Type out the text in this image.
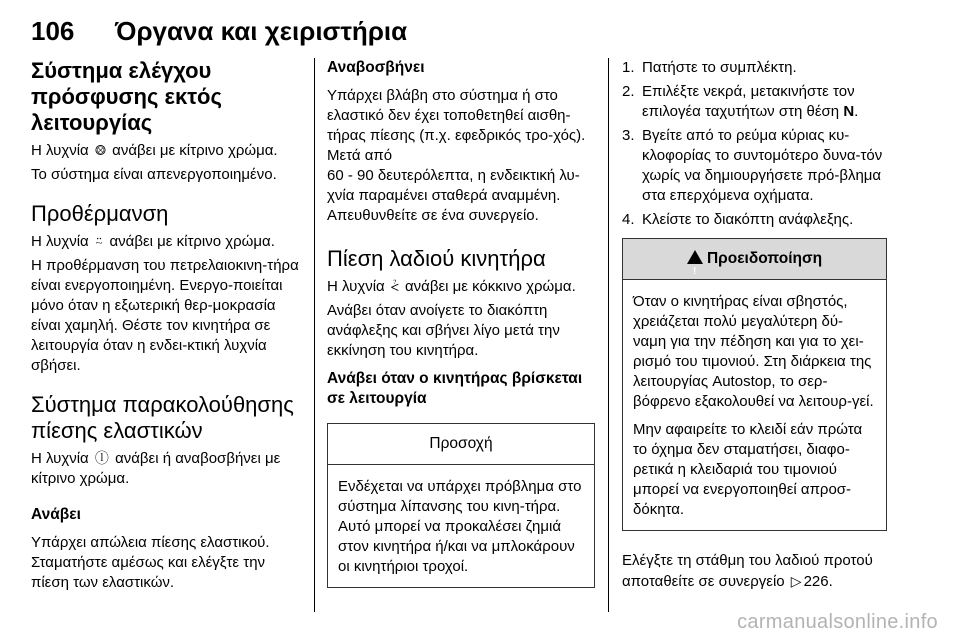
106 Όργανα και χειριστήρια
Σύστημα ελέγχου
πρόσφυσης εκτός
λειτουργίας

Η λυχνία ⨷ ανάβει με κίτρινο χρώμα.

Το σύστημα είναι απενεργοποιημένο.

Προθέρμανση

Η λυχνία ⍨ ανάβει με κίτρινο χρώμα.

Η προθέρμανση του πετρελαιοκινη-τήρα είναι ενεργοποιημένη. Ενεργο-ποιείται μόνο όταν η εξωτερική θερ-μοκρασία είναι χαμηλή. Θέστε τον κινητήρα σε λειτουργία όταν η ενδει-κτική λυχνία σβήσει.

Σύστημα παρακολούθησης
πίεσης ελαστικών

Η λυχνία ⓛ ανάβει ή αναβοσβήνει με κίτρινο χρώμα.

Ανάβει

Υπάρχει απώλεια πίεσης ελαστικού. Σταματήστε αμέσως και ελέγξτε την πίεση των ελαστικών.

Αναβοσβήνει

Υπάρχει βλάβη στο σύστημα ή στο ελαστικό δεν έχει τοποθετηθεί αισθη-τήρας πίεσης (π.χ. εφεδρικός τρο-χός). Μετά από

60 - 90 δευτερόλεπτα, η ενδεικτική λυ-χνία παραμένει σταθερά αναμμένη. Απευθυνθείτε σε ένα συνεργείο.

Πίεση λαδιού κινητήρα

Η λυχνία ⩻ ανάβει με κόκκινο χρώμα.

Ανάβει όταν ανοίγετε το διακόπτη ανάφλεξης και σβήνει λίγο μετά την εκκίνηση του κινητήρα.

Ανάβει όταν ο κινητήρας βρίσκεται σε λειτουργία
Προσοχή

Ενδέχεται να υπάρχει πρόβλημα στο σύστημα λίπανσης του κινη-τήρα. Αυτό μπορεί να προκαλέσει ζημιά στον κινητήρα ή/και να μπλοκάρουν οι κινητήριοι τροχοί.

1. Πατήστε το συμπλέκτη.
2. Επιλέξτε νεκρά, μετακινήστε τον επιλογέα ταχυτήτων στη θέση N.
3. Βγείτε από το ρεύμα κύριας κυ-κλοφορίας το συντομότερο δυνα-τόν χωρίς να δημιουργήσετε πρό-βλημα στα επερχόμενα οχήματα.
4. Κλείστε το διακόπτη ανάφλεξης.
!Προειδοποίηση

Όταν ο κινητήρας είναι σβηστός, χρειάζεται πολύ μεγαλύτερη δύ-ναμη για την πέδηση και για το χει-ρισμό του τιμονιού. Στη διάρκεια της λειτουργίας Autostop, το σερ-βόφρενο εξακολουθεί να λειτουρ-γεί.

Μην αφαιρείτε το κλειδί εάν πρώτα το όχημα δεν σταματήσει, διαφο-ρετικά η κλειδαριά του τιμονιού μπορεί να ενεργοποιηθεί απροσ-δόκητα.

Ελέγξτε τη στάθμη του λαδιού προτού αποταθείτε σε συνεργείο ▷ 226.

carmanualsonline.info
